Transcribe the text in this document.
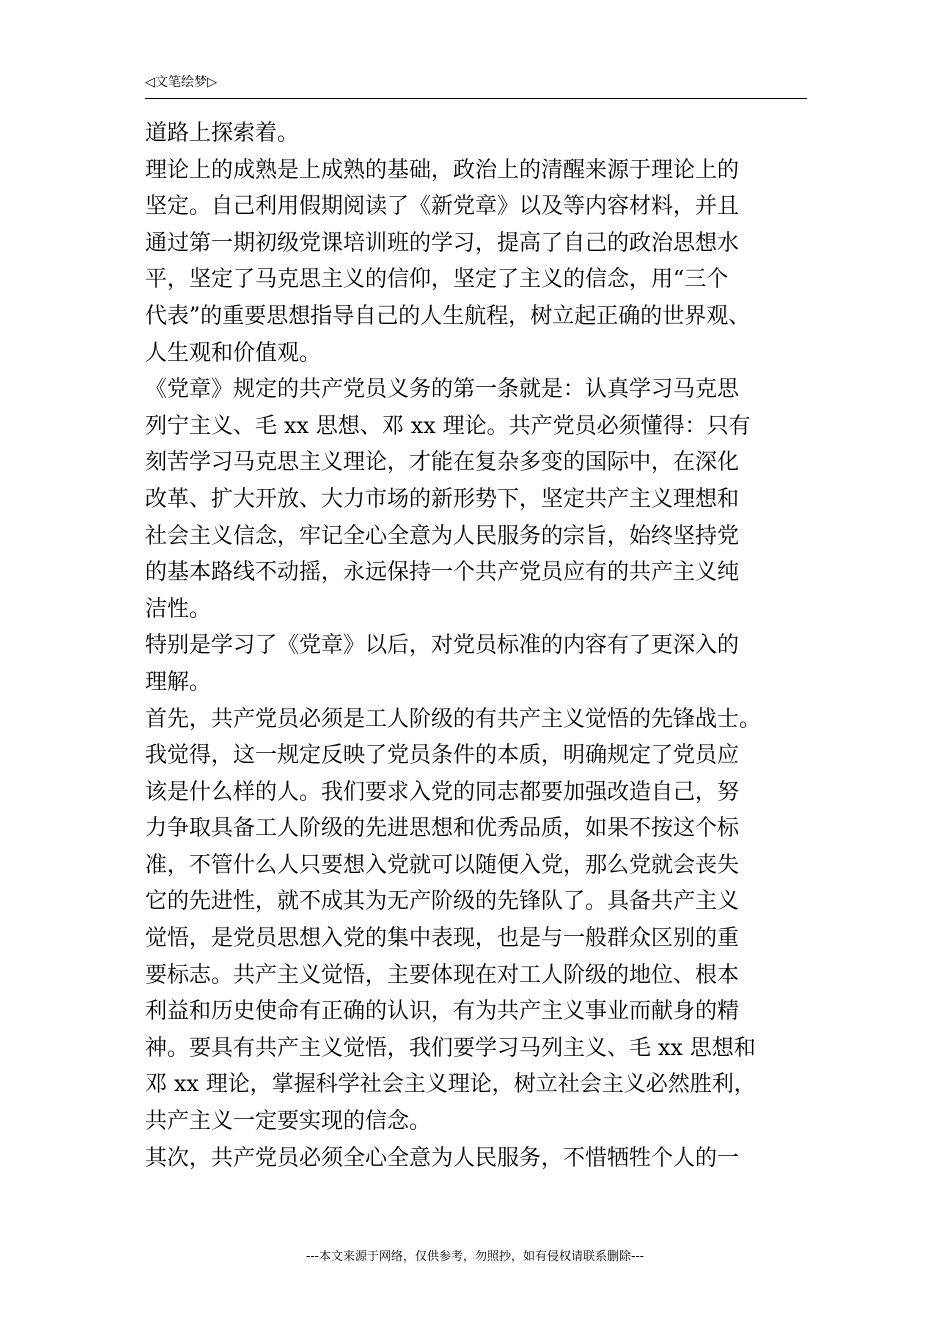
◁文笔绘梦▷
道路上探索着。
理论上的成熟是上成熟的基础，政治上的清醒来源于理论上的
坚定。自己利用假期阅读了《新党章》以及等内容材料，并且
通过第一期初级党课培训班的学习，提高了自己的政治思想水
平，坚定了马克思主义的信仰，坚定了主义的信念，用“三个
代表”的重要思想指导自己的人生航程，树立起正确的世界观、
人生观和价值观。
《党章》规定的共产党员义务的第一条就是：认真学习马克思
列宁主义、毛 xx 思想、邓 xx 理论。共产党员必须懂得：只有
刻苦学习马克思主义理论，才能在复杂多变的国际中，在深化
改革、扩大开放、大力市场的新形势下，坚定共产主义理想和
社会主义信念，牢记全心全意为人民服务的宗旨，始终坚持党
的基本路线不动摇，永远保持一个共产党员应有的共产主义纯
洁性。
特别是学习了《党章》以后，对党员标准的内容有了更深入的
理解。
首先，共产党员必须是工人阶级的有共产主义觉悟的先锋战士。
我觉得，这一规定反映了党员条件的本质，明确规定了党员应
该是什么样的人。我们要求入党的同志都要加强改造自己，努
力争取具备工人阶级的先进思想和优秀品质，如果不按这个标
准，不管什么人只要想入党就可以随便入党，那么党就会丧失
它的先进性，就不成其为无产阶级的先锋队了。具备共产主义
觉悟，是党员思想入党的集中表现，也是与一般群众区别的重
要标志。共产主义觉悟，主要体现在对工人阶级的地位、根本
利益和历史使命有正确的认识，有为共产主义事业而献身的精
神。要具有共产主义觉悟，我们要学习马列主义、毛 xx 思想和
邓 xx 理论，掌握科学社会主义理论，树立社会主义必然胜利，
共产主义一定要实现的信念。
其次，共产党员必须全心全意为人民服务，不惜牺牲个人的一
---本文来源于网络，仅供参考，勿照抄，如有侵权请联系删除---
